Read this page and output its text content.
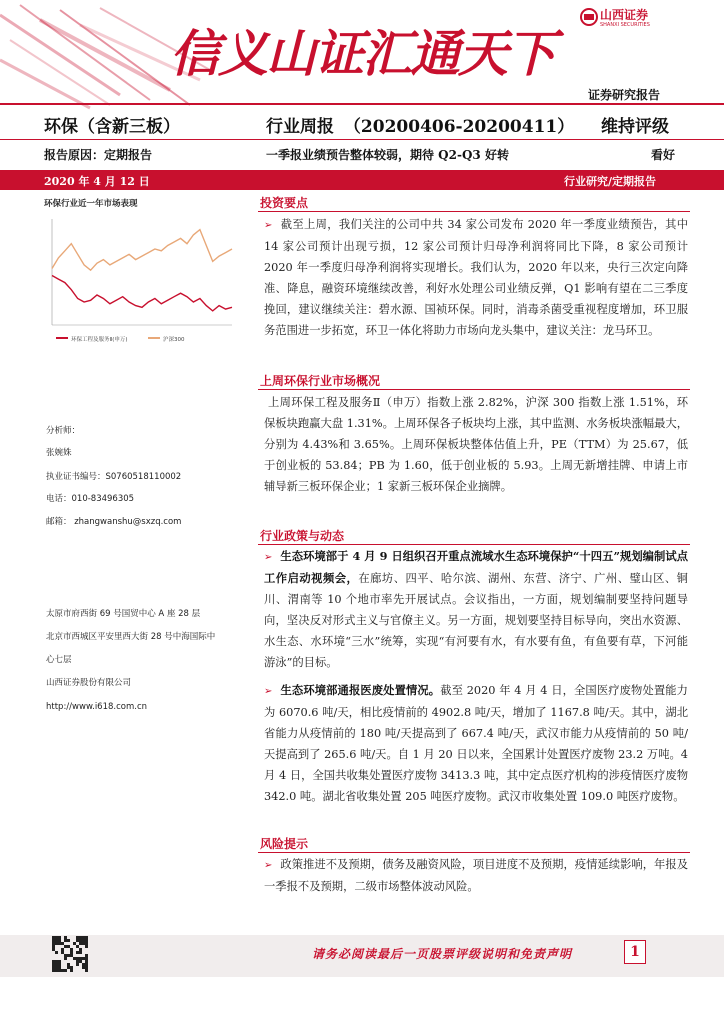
信义山证汇通天下
山西证券
SHANXI SECURITIES
证券研究报告
环保（含新三板）	行业周报 （20200406-20200411） 维持评级
报告原因：定期报告	一季报业绩预告整体较弱，期待 Q2-Q3 好转	看好
2020 年 4 月 12 日	行业研究/定期报告
环保行业近一年市场表现
环保工程及服务Ⅱ(申万)	沪深300
分析师：
张婉姝
执业证书编号：S0760518110002
电话：010-83496305
邮箱： zhangwanshu@sxzq.com
太原市府西街 69 号国贸中心 A 座 28 层
北京市西城区平安里西大街 28 号中海国际中
心七层
山西证券股份有限公司
http://www.i618.com.cn
投资要点
➢ 截至上周，我们关注的公司中共 34 家公司发布 2020 年一季度业绩预告，其中 14 家公司预计出现亏损，12 家公司预计归母净利润将同比下降，8 家公司预计 2020 年一季度归母净利润将实现增长。我们认为，2020 年以来，央行三次定向降准、降息，融资环境继续改善，利好水处理公司业绩反弹，Q1 影响有望在二三季度挽回，建议继续关注：碧水源、国祯环保。同时，消毒杀菌受重视程度增加，环卫服务范围进一步拓宽，环卫一体化将助力市场向龙头集中，建议关注：龙马环卫。
上周环保行业市场概况
上周环保工程及服务Ⅱ（申万）指数上涨 2.82%，沪深 300 指数上涨 1.51%，环保板块跑赢大盘 1.31%。上周环保各子板块均上涨，其中监测、水务板块涨幅最大，分别为 4.43%和 3.65%。上周环保板块整体估值上升，PE（TTM）为 25.67，低于创业板的 53.84；PB 为 1.60，低于创业板的 5.93。上周无新增挂牌、申请上市辅导新三板环保企业；1 家新三板环保企业摘牌。
行业政策与动态
➢ 生态环境部于 4 月 9 日组织召开重点流域水生态环境保护“十四五”规划编制试点工作启动视频会，在廊坊、四平、哈尔滨、湖州、东营、济宁、广州、璧山区、铜川、渭南等 10 个地市率先开展试点。会议指出，一方面，规划编制要坚持问题导向，坚决反对形式主义与官僚主义。另一方面，规划要坚持目标导向，突出水资源、水生态、水环境“三水”统筹，实现“有河要有水，有水要有鱼，有鱼要有草，下河能游泳”的目标。
➢ 生态环境部通报医废处置情况。截至 2020 年 4 月 4 日，全国医疗废物处置能力为 6070.6 吨/天，相比疫情前的 4902.8 吨/天，增加了 1167.8 吨/天。其中，湖北省能力从疫情前的 180 吨/天提高到了 667.4 吨/天，武汉市能力从疫情前的 50 吨/天提高到了 265.6 吨/天。自 1 月 20 日以来，全国累计处置医疗废物 23.2 万吨。4 月 4 日，全国共收集处置医疗废物 3413.3 吨，其中定点医疗机构的涉疫情医疗废物 342.0 吨。湖北省收集处置 205 吨医疗废物。武汉市收集处置 109.0 吨医疗废物。
风险提示
➢ 政策推进不及预期，债务及融资风险，项目进度不及预期，疫情延续影响，年报及一季报不及预期，二级市场整体波动风险。
请务必阅读最后一页股票评级说明和免责声明	1
